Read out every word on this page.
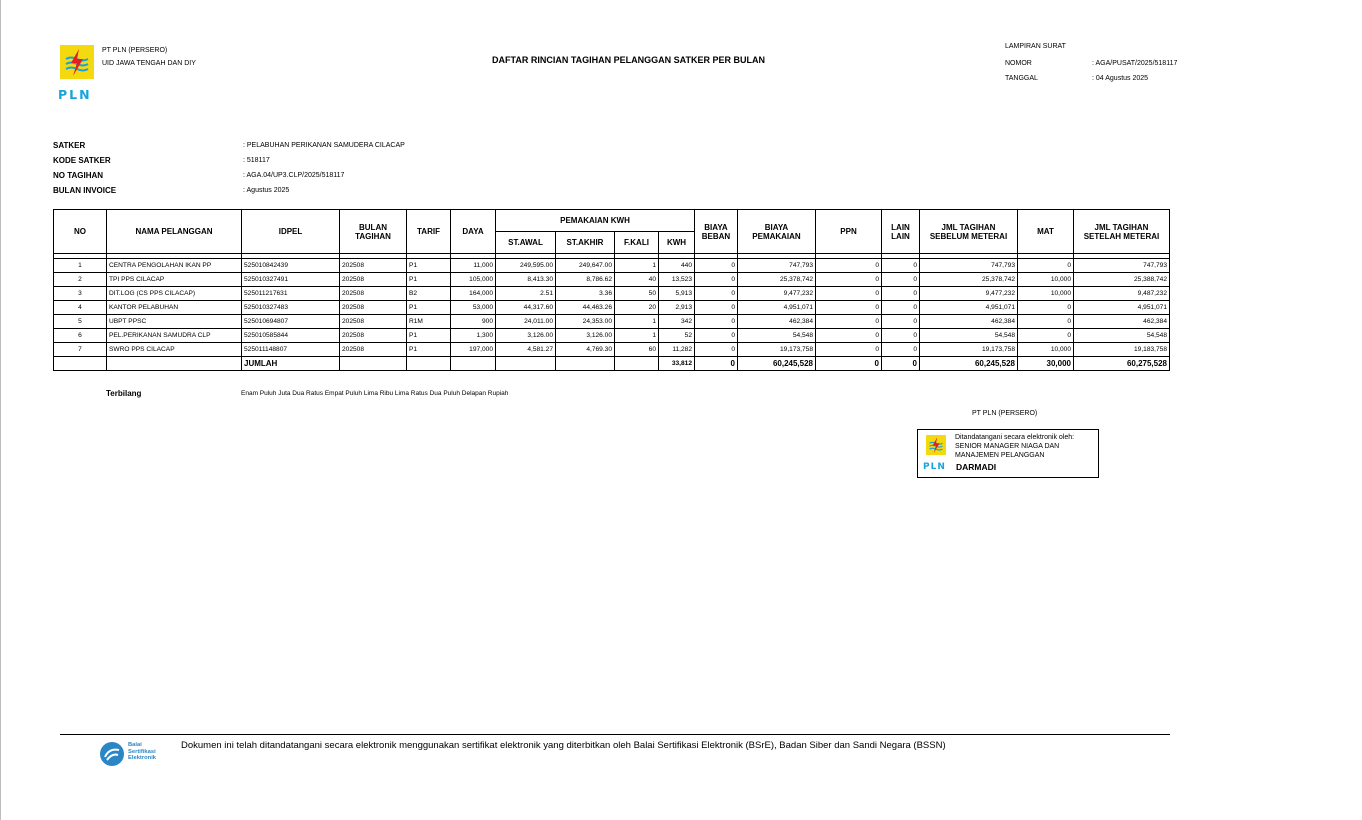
PLN
PT PLN (PERSERO)
UID JAWA TENGAH DAN DIY	DAFTAR RINCIAN TAGIHAN PELANGGAN SATKER PER BULAN
LAMPIRAN SURAT
NOMOR	: AGA/PUSAT/2025/518117
TANGGAL	: 04 Agustus 2025
SATKER	: PELABUHAN PERIKANAN SAMUDERA CILACAP
KODE SATKER	: 518117
NO TAGIHAN	: AGA.04/UP3.CLP/2025/518117
BULAN INVOICE	: Agustus 2025
NO	NAMA PELANGGAN	IDPEL	BULAN TAGIHAN	TARIF	DAYA	PEMAKAIAN KWH				BIAYA BEBAN	BIAYA PEMAKAIAN	PPN	LAIN LAIN	JML TAGIHAN SEBELUM METERAI	MAT	JML TAGIHAN SETELAH METERAI
						ST.AWAL	ST.AKHIR	F.KALI	KWH							

1	CENTRA PENGOLAHAN IKAN PP	525010842439	202508	P1	11,000	249,595.00	249,647.00	1	440	0	747,793	0	0	747,793	0	747,793
2	TPI PPS CILACAP	525010327491	202508	P1	105,000	8,413.30	8,786.62	40	13,523	0	25,378,742	0	0	25,378,742	10,000	25,388,742
3	DIT.LOG (CS PPS CILACAP)	525011217631	202508	B2	164,000	2.51	3.36	50	5,913	0	9,477,232	0	0	9,477,232	10,000	9,487,232
4	KANTOR PELABUHAN	525010327483	202508	P1	53,000	44,317.60	44,463.26	20	2,913	0	4,951,071	0	0	4,951,071	0	4,951,071
5	UBPT PPSC	525010694807	202508	R1M	900	24,011.00	24,353.00	1	342	0	462,384	0	0	462,384	0	462,384
6	PEL.PERIKANAN SAMUDRA CLP	525010585844	202508	P1	1,300	3,126.00	3,126.00	1	52	0	54,548	0	0	54,548	0	54,548
7	SWRO PPS CILACAP	525011148807	202508	P1	197,000	4,581.27	4,769.30	60	11,282	0	19,173,758	0	0	19,173,758	10,000	19,183,758
		JUMLAH							33,812	0	60,245,528	0	0	60,245,528	30,000	60,275,528
Terbilang	Enam Puluh Juta Dua Ratus Empat Puluh Lima Ribu Lima Ratus Dua Puluh Delapan Rupiah
PT PLN (PERSERO)
PLN
Ditandatangani secara elektronik oleh:
SENIOR MANAGER NIAGA DAN
MANAJEMEN PELANGGAN
DARMADI
Balai
Sertifikasi
Elektronik
Dokumen ini telah ditandatangani secara elektronik menggunakan sertifikat elektronik yang diterbitkan oleh Balai Sertifikasi Elektronik (BSrE), Badan Siber dan Sandi Negara (BSSN)
